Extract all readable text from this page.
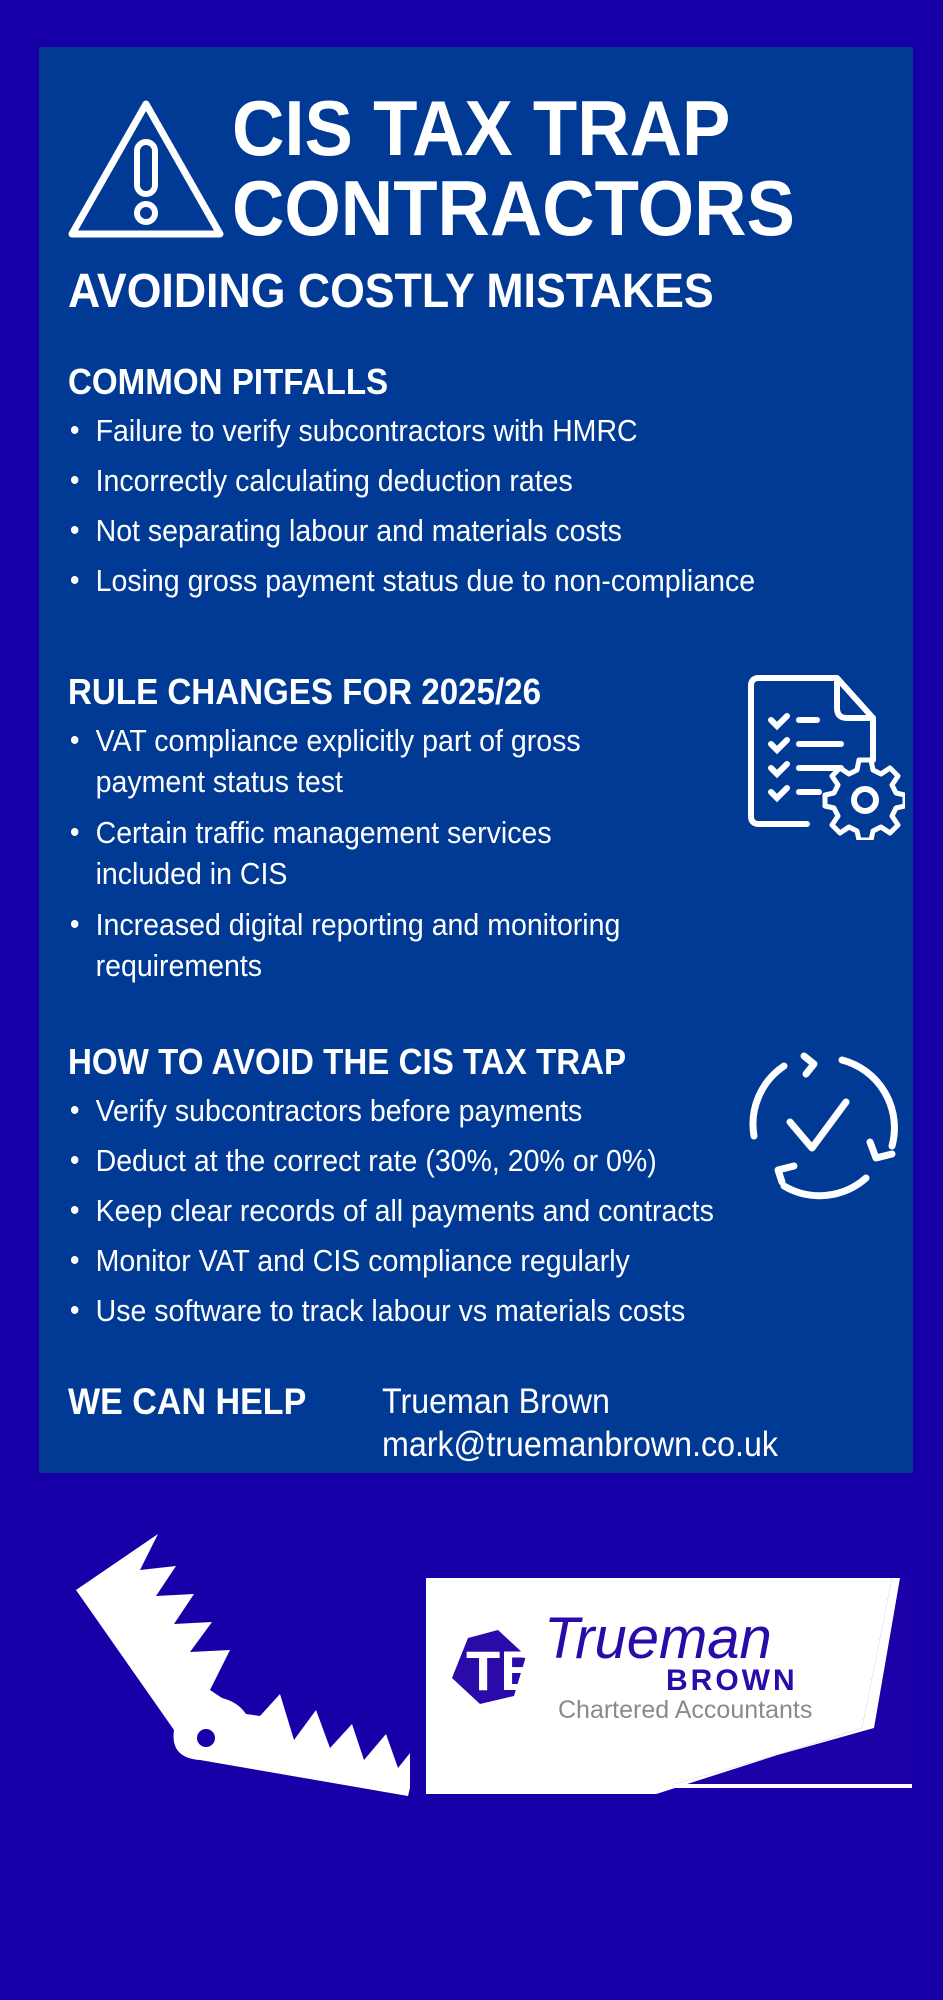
CIS TAX TRAP
CONTRACTORS
AVOIDING COSTLY MISTAKES
COMMON PITFALLS
• Failure to verify subcontractors with HMRC
• Incorrectly calculating deduction rates
• Not separating labour and materials costs
• Losing gross payment status due to non-compliance
RULE CHANGES FOR 2025/26
• VAT compliance explicitly part of gross
payment status test
• Certain traffic management services
included in CIS
• Increased digital reporting and monitoring
requirements
HOW TO AVOID THE CIS TAX TRAP
• Verify subcontractors before payments
• Deduct at the correct rate (30%, 20% or 0%)
• Keep clear records of all payments and contracts
• Monitor VAT and CIS compliance regularly
• Use software to track labour vs materials costs
WE CAN HELP Trueman Brown
mark@truemanbrown.co.uk
TB Trueman
BROWN
Chartered Accountants
